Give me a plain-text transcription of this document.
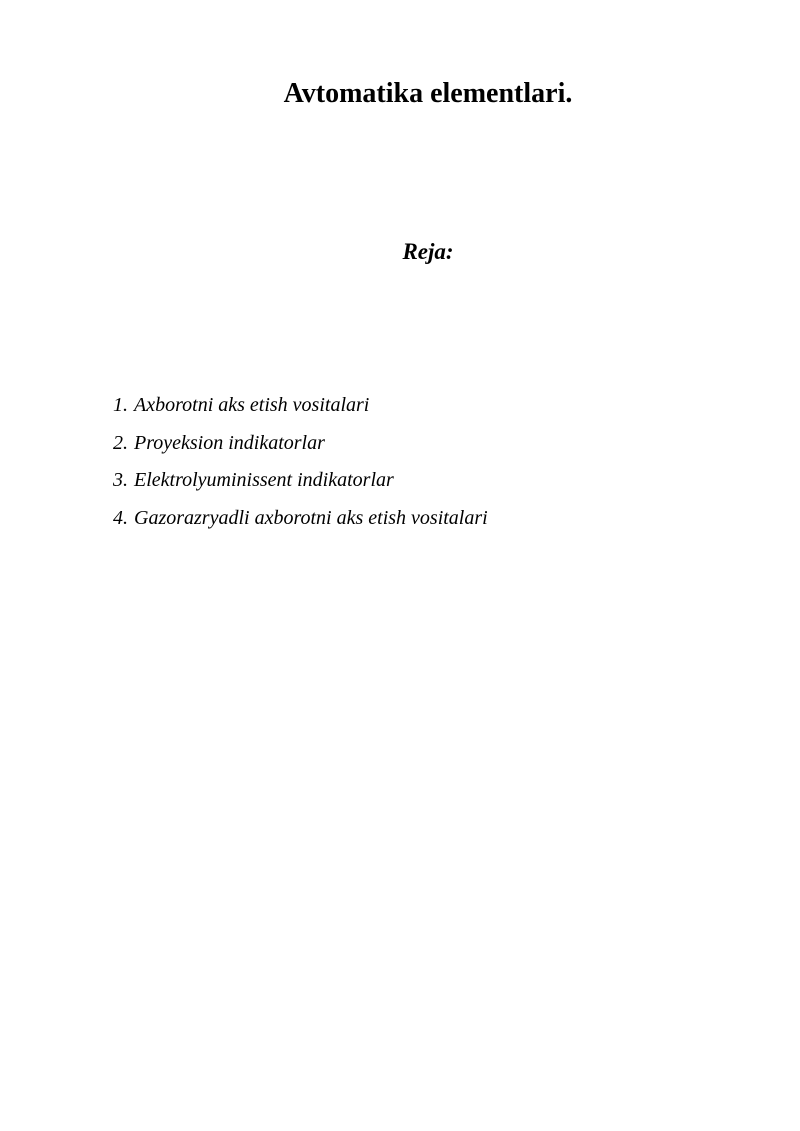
Avtomatika elementlari.
Reja:
1. Axborotni aks etish vositalari
2. Proyeksion indikatorlar
3. Elektrolyuminissent indikatorlar
4. Gazorazryadli axborotni aks etish vositalari
